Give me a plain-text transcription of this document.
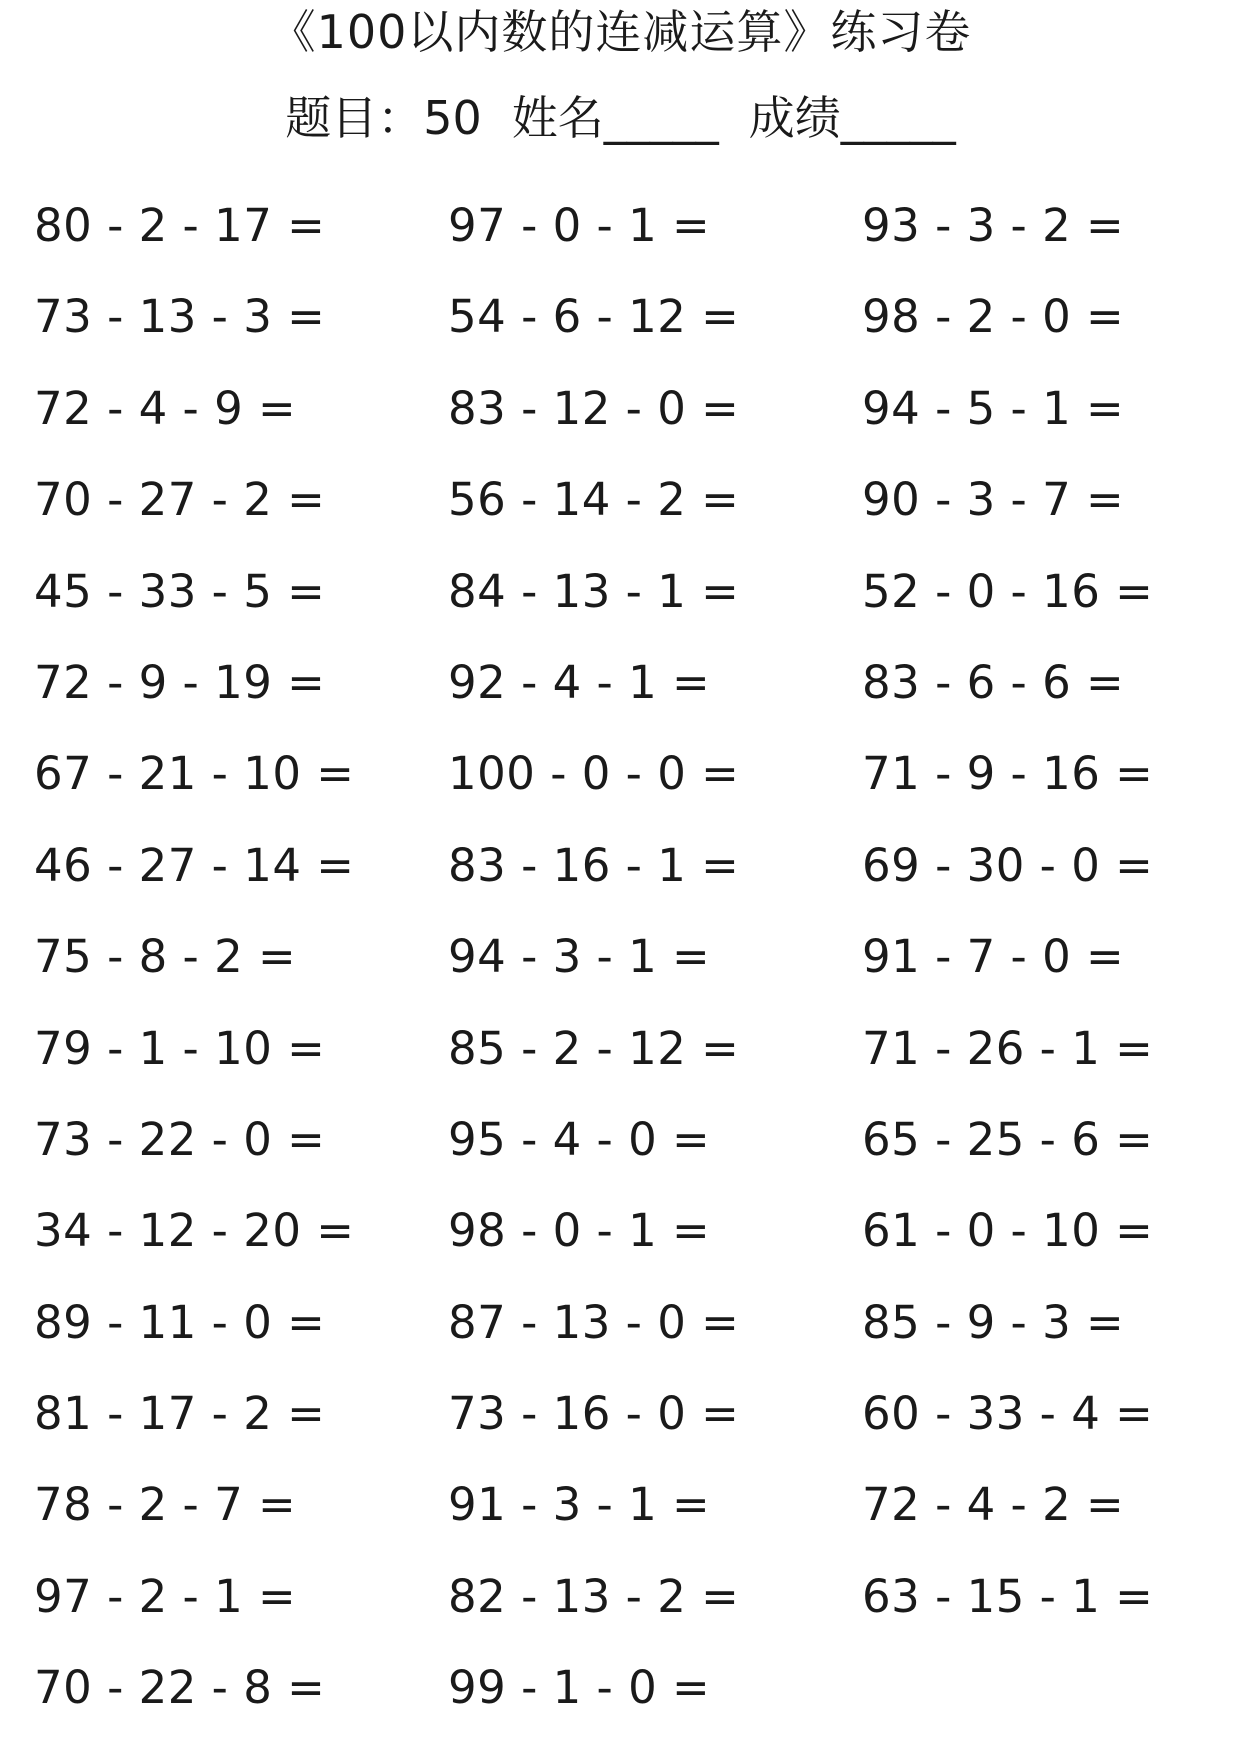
《100以内数的连减运算》练习卷
题目：50 姓名_____ 成绩_____
80 - 2 - 17 =	97 - 0 - 1 =	93 - 3 - 2 =
73 - 13 - 3 =	54 - 6 - 12 =	98 - 2 - 0 =
72 - 4 - 9 =	83 - 12 - 0 =	94 - 5 - 1 =
70 - 27 - 2 =	56 - 14 - 2 =	90 - 3 - 7 =
45 - 33 - 5 =	84 - 13 - 1 =	52 - 0 - 16 =
72 - 9 - 19 =	92 - 4 - 1 =	83 - 6 - 6 =
67 - 21 - 10 =	100 - 0 - 0 =	71 - 9 - 16 =
46 - 27 - 14 =	83 - 16 - 1 =	69 - 30 - 0 =
75 - 8 - 2 =	94 - 3 - 1 =	91 - 7 - 0 =
79 - 1 - 10 =	85 - 2 - 12 =	71 - 26 - 1 =
73 - 22 - 0 =	95 - 4 - 0 =	65 - 25 - 6 =
34 - 12 - 20 =	98 - 0 - 1 =	61 - 0 - 10 =
89 - 11 - 0 =	87 - 13 - 0 =	85 - 9 - 3 =
81 - 17 - 2 =	73 - 16 - 0 =	60 - 33 - 4 =
78 - 2 - 7 =	91 - 3 - 1 =	72 - 4 - 2 =
97 - 2 - 1 =	82 - 13 - 2 =	63 - 15 - 1 =
70 - 22 - 8 =	99 - 1 - 0 =
